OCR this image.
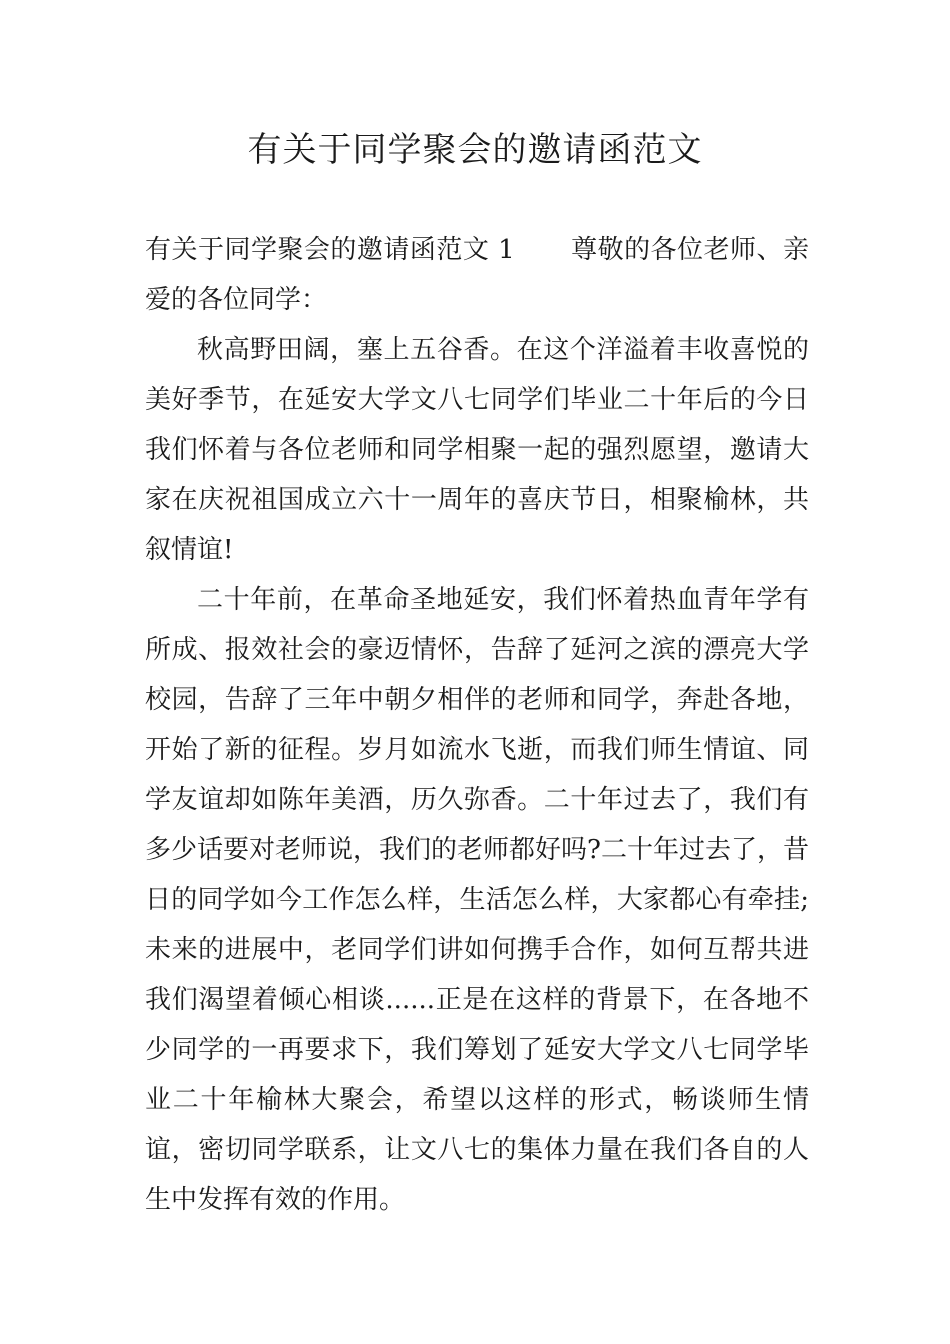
有关于同学聚会的邀请函范文

有关于同学聚会的邀请函范文 1 尊敬的各位老师、亲爱的各位同学：

秋高野田阔，塞上五谷香。在这个洋溢着丰收喜悦的美好季节，在延安大学文八七同学们毕业二十年后的今日我们怀着与各位老师和同学相聚一起的强烈愿望，邀请大家在庆祝祖国成立六十一周年的喜庆节日，相聚榆林，共叙情谊!

二十年前，在革命圣地延安，我们怀着热血青年学有所成、报效社会的豪迈情怀，告辞了延河之滨的漂亮大学校园，告辞了三年中朝夕相伴的老师和同学，奔赴各地，开始了新的征程。岁月如流水飞逝，而我们师生情谊、同学友谊却如陈年美酒，历久弥香。二十年过去了，我们有多少话要对老师说，我们的老师都好吗?二十年过去了，昔日的同学如今工作怎么样，生活怎么样，大家都心有牵挂;未来的进展中，老同学们讲如何携手合作，如何互帮共进我们渴望着倾心相谈......正是在这样的背景下，在各地不少同学的一再要求下，我们筹划了延安大学文八七同学毕业二十年榆林大聚会，希望以这样的形式，畅谈师生情谊，密切同学联系，让文八七的集体力量在我们各自的人生中发挥有效的作用。
